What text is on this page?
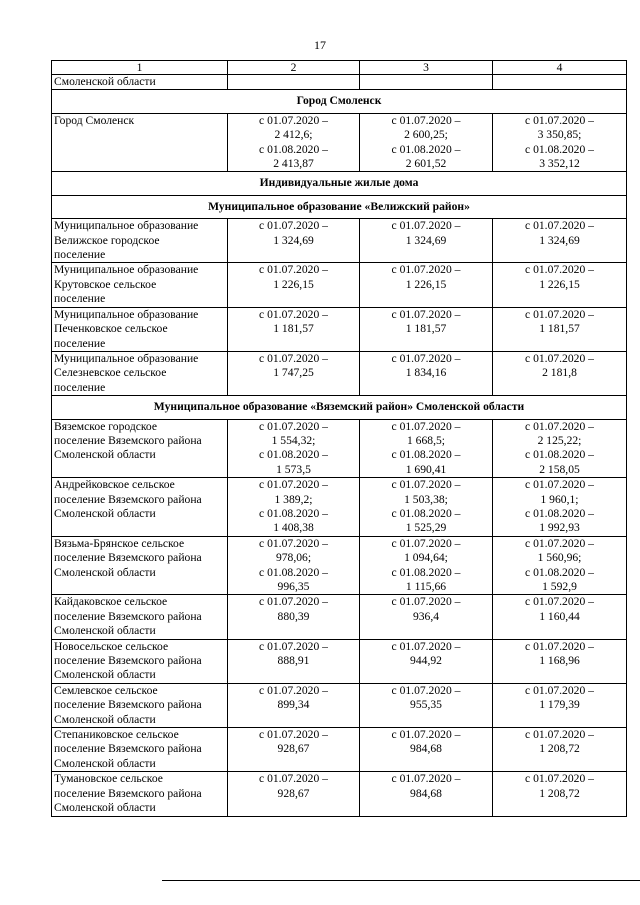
17
1	2	3	4

Смоленской области			

Город Смоленск			

Город Смоленск	с 01.07.2020 –
2 412,6;
с 01.08.2020 –
2 413,87	с 01.07.2020 –
2 600,25;
с 01.08.2020 –
2 601,52	с 01.07.2020 –
3 350,85;
с 01.08.2020 –
3 352,12

Индивидуальные жилые дома			
Муниципальное образование «Велижский район»			

Муниципальное образование
Велижское городское
поселение	с 01.07.2020 –
1 324,69	с 01.07.2020 –
1 324,69	с 01.07.2020 –
1 324,69

Муниципальное образование
Крутовское сельское
поселение	с 01.07.2020 –
1 226,15	с 01.07.2020 –
1 226,15	с 01.07.2020 –
1 226,15

Муниципальное образование
Печенковское сельское
поселение	с 01.07.2020 –
1 181,57	с 01.07.2020 –
1 181,57	с 01.07.2020 –
1 181,57

Муниципальное образование
Селезневское сельское
поселение	с 01.07.2020 –
1 747,25	с 01.07.2020 –
1 834,16	с 01.07.2020 –
2 181,8

Муниципальное образование «Вяземский район» Смоленской области			

Вяземское городское
поселение Вяземского района
Смоленской области	с 01.07.2020 –
1 554,32;
с 01.08.2020 –
1 573,5	с 01.07.2020 –
1 668,5;
с 01.08.2020 –
1 690,41	с 01.07.2020 –
2 125,22;
с 01.08.2020 –
2 158,05

Андрейковское сельское
поселение Вяземского района
Смоленской области	с 01.07.2020 –
1 389,2;
с 01.08.2020 –
1 408,38	с 01.07.2020 –
1 503,38;
с 01.08.2020 –
1 525,29	с 01.07.2020 –
1 960,1;
с 01.08.2020 –
1 992,93

Вязьма-Брянское сельское
поселение Вяземского района
Смоленской области	с 01.07.2020 –
978,06;
с 01.08.2020 –
996,35	с 01.07.2020 –
1 094,64;
с 01.08.2020 –
1 115,66	с 01.07.2020 –
1 560,96;
с 01.08.2020 –
1 592,9

Кайдаковское сельское
поселение Вяземского района
Смоленской области	с 01.07.2020 –
880,39	с 01.07.2020 –
936,4	с 01.07.2020 –
1 160,44

Новосельское сельское
поселение Вяземского района
Смоленской области	с 01.07.2020 –
888,91	с 01.07.2020 –
944,92	с 01.07.2020 –
1 168,96

Семлевское сельское
поселение Вяземского района
Смоленской области	с 01.07.2020 –
899,34	с 01.07.2020 –
955,35	с 01.07.2020 –
1 179,39

Степаниковское сельское
поселение Вяземского района
Смоленской области	с 01.07.2020 –
928,67	с 01.07.2020 –
984,68	с 01.07.2020 –
1 208,72

Тумановское сельское
поселение Вяземского района
Смоленской области	с 01.07.2020 –
928,67	с 01.07.2020 –
984,68	с 01.07.2020 –
1 208,72
